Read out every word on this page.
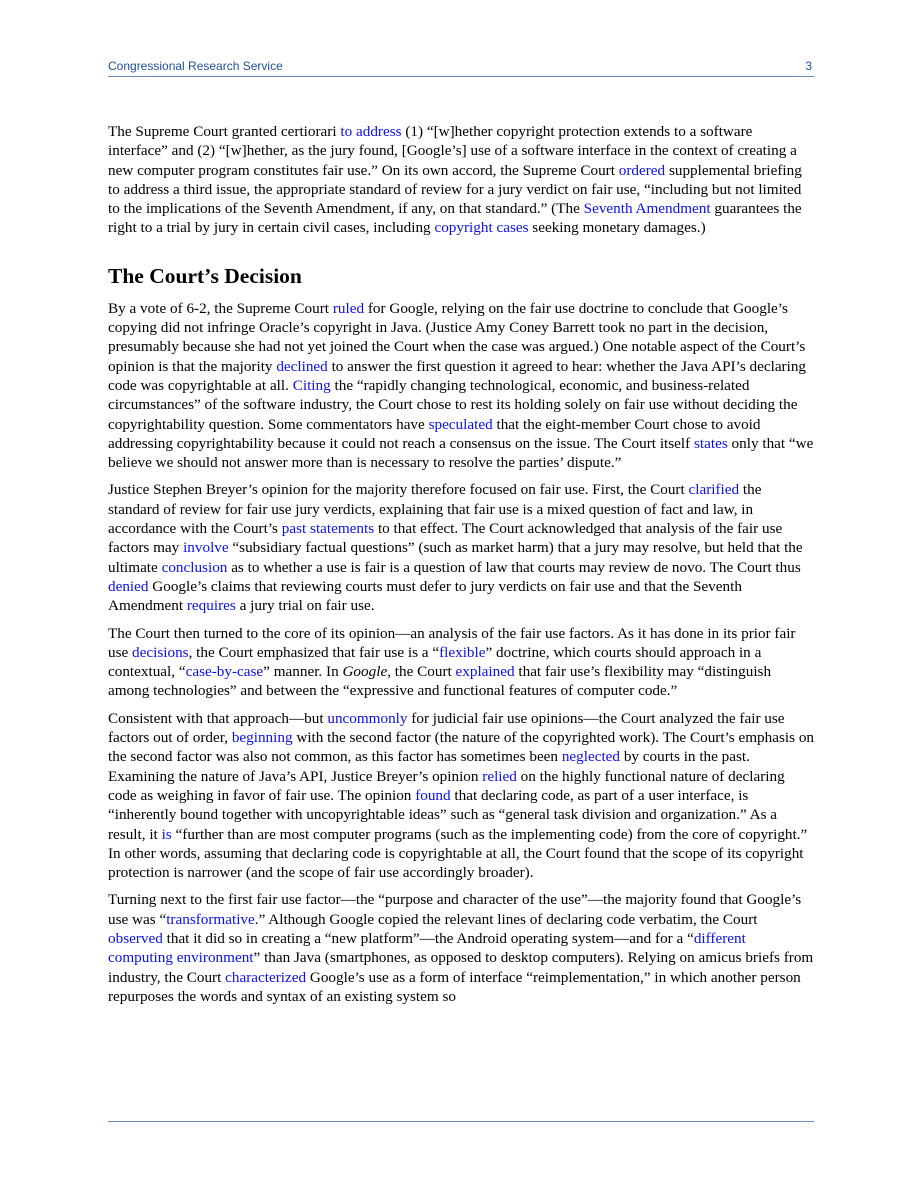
Congressional Research Service	3

The Supreme Court granted certiorari to address (1) “[w]hether copyright protection extends to a software interface” and (2) “[w]hether, as the jury found, [Google’s] use of a software interface in the context of creating a new computer program constitutes fair use.” On its own accord, the Supreme Court ordered supplemental briefing to address a third issue, the appropriate standard of review for a jury verdict on fair use, “including but not limited to the implications of the Seventh Amendment, if any, on that standard.” (The Seventh Amendment guarantees the right to a trial by jury in certain civil cases, including copyright cases seeking monetary damages.)

The Court’s Decision

By a vote of 6-2, the Supreme Court ruled for Google, relying on the fair use doctrine to conclude that Google’s copying did not infringe Oracle’s copyright in Java. (Justice Amy Coney Barrett took no part in the decision, presumably because she had not yet joined the Court when the case was argued.) One notable aspect of the Court’s opinion is that the majority declined to answer the first question it agreed to hear: whether the Java API’s declaring code was copyrightable at all. Citing the “rapidly changing technological, economic, and business-related circumstances” of the software industry, the Court chose to rest its holding solely on fair use without deciding the copyrightability question. Some commentators have speculated that the eight-member Court chose to avoid addressing copyrightability because it could not reach a consensus on the issue. The Court itself states only that “we believe we should not answer more than is necessary to resolve the parties’ dispute.”

Justice Stephen Breyer’s opinion for the majority therefore focused on fair use. First, the Court clarified the standard of review for fair use jury verdicts, explaining that fair use is a mixed question of fact and law, in accordance with the Court’s past statements to that effect. The Court acknowledged that analysis of the fair use factors may involve “subsidiary factual questions” (such as market harm) that a jury may resolve, but held that the ultimate conclusion as to whether a use is fair is a question of law that courts may review de novo. The Court thus denied Google’s claims that reviewing courts must defer to jury verdicts on fair use and that the Seventh Amendment requires a jury trial on fair use.

The Court then turned to the core of its opinion—an analysis of the fair use factors. As it has done in its prior fair use decisions, the Court emphasized that fair use is a “flexible” doctrine, which courts should approach in a contextual, “case-by-case” manner. In Google, the Court explained that fair use’s flexibility may “distinguish among technologies” and between the “expressive and functional features of computer code.”

Consistent with that approach—but uncommonly for judicial fair use opinions—the Court analyzed the fair use factors out of order, beginning with the second factor (the nature of the copyrighted work). The Court’s emphasis on the second factor was also not common, as this factor has sometimes been neglected by courts in the past. Examining the nature of Java’s API, Justice Breyer’s opinion relied on the highly functional nature of declaring code as weighing in favor of fair use. The opinion found that declaring code, as part of a user interface, is “inherently bound together with uncopyrightable ideas” such as “general task division and organization.” As a result, it is “further than are most computer programs (such as the implementing code) from the core of copyright.” In other words, assuming that declaring code is copyrightable at all, the Court found that the scope of its copyright protection is narrower (and the scope of fair use accordingly broader).

Turning next to the first fair use factor—the “purpose and character of the use”—the majority found that Google’s use was “transformative.” Although Google copied the relevant lines of declaring code verbatim, the Court observed that it did so in creating a “new platform”—the Android operating system—and for a “different computing environment” than Java (smartphones, as opposed to desktop computers). Relying on amicus briefs from industry, the Court characterized Google’s use as a form of interface “reimplementation,” in which another person repurposes the words and syntax of an existing system so
